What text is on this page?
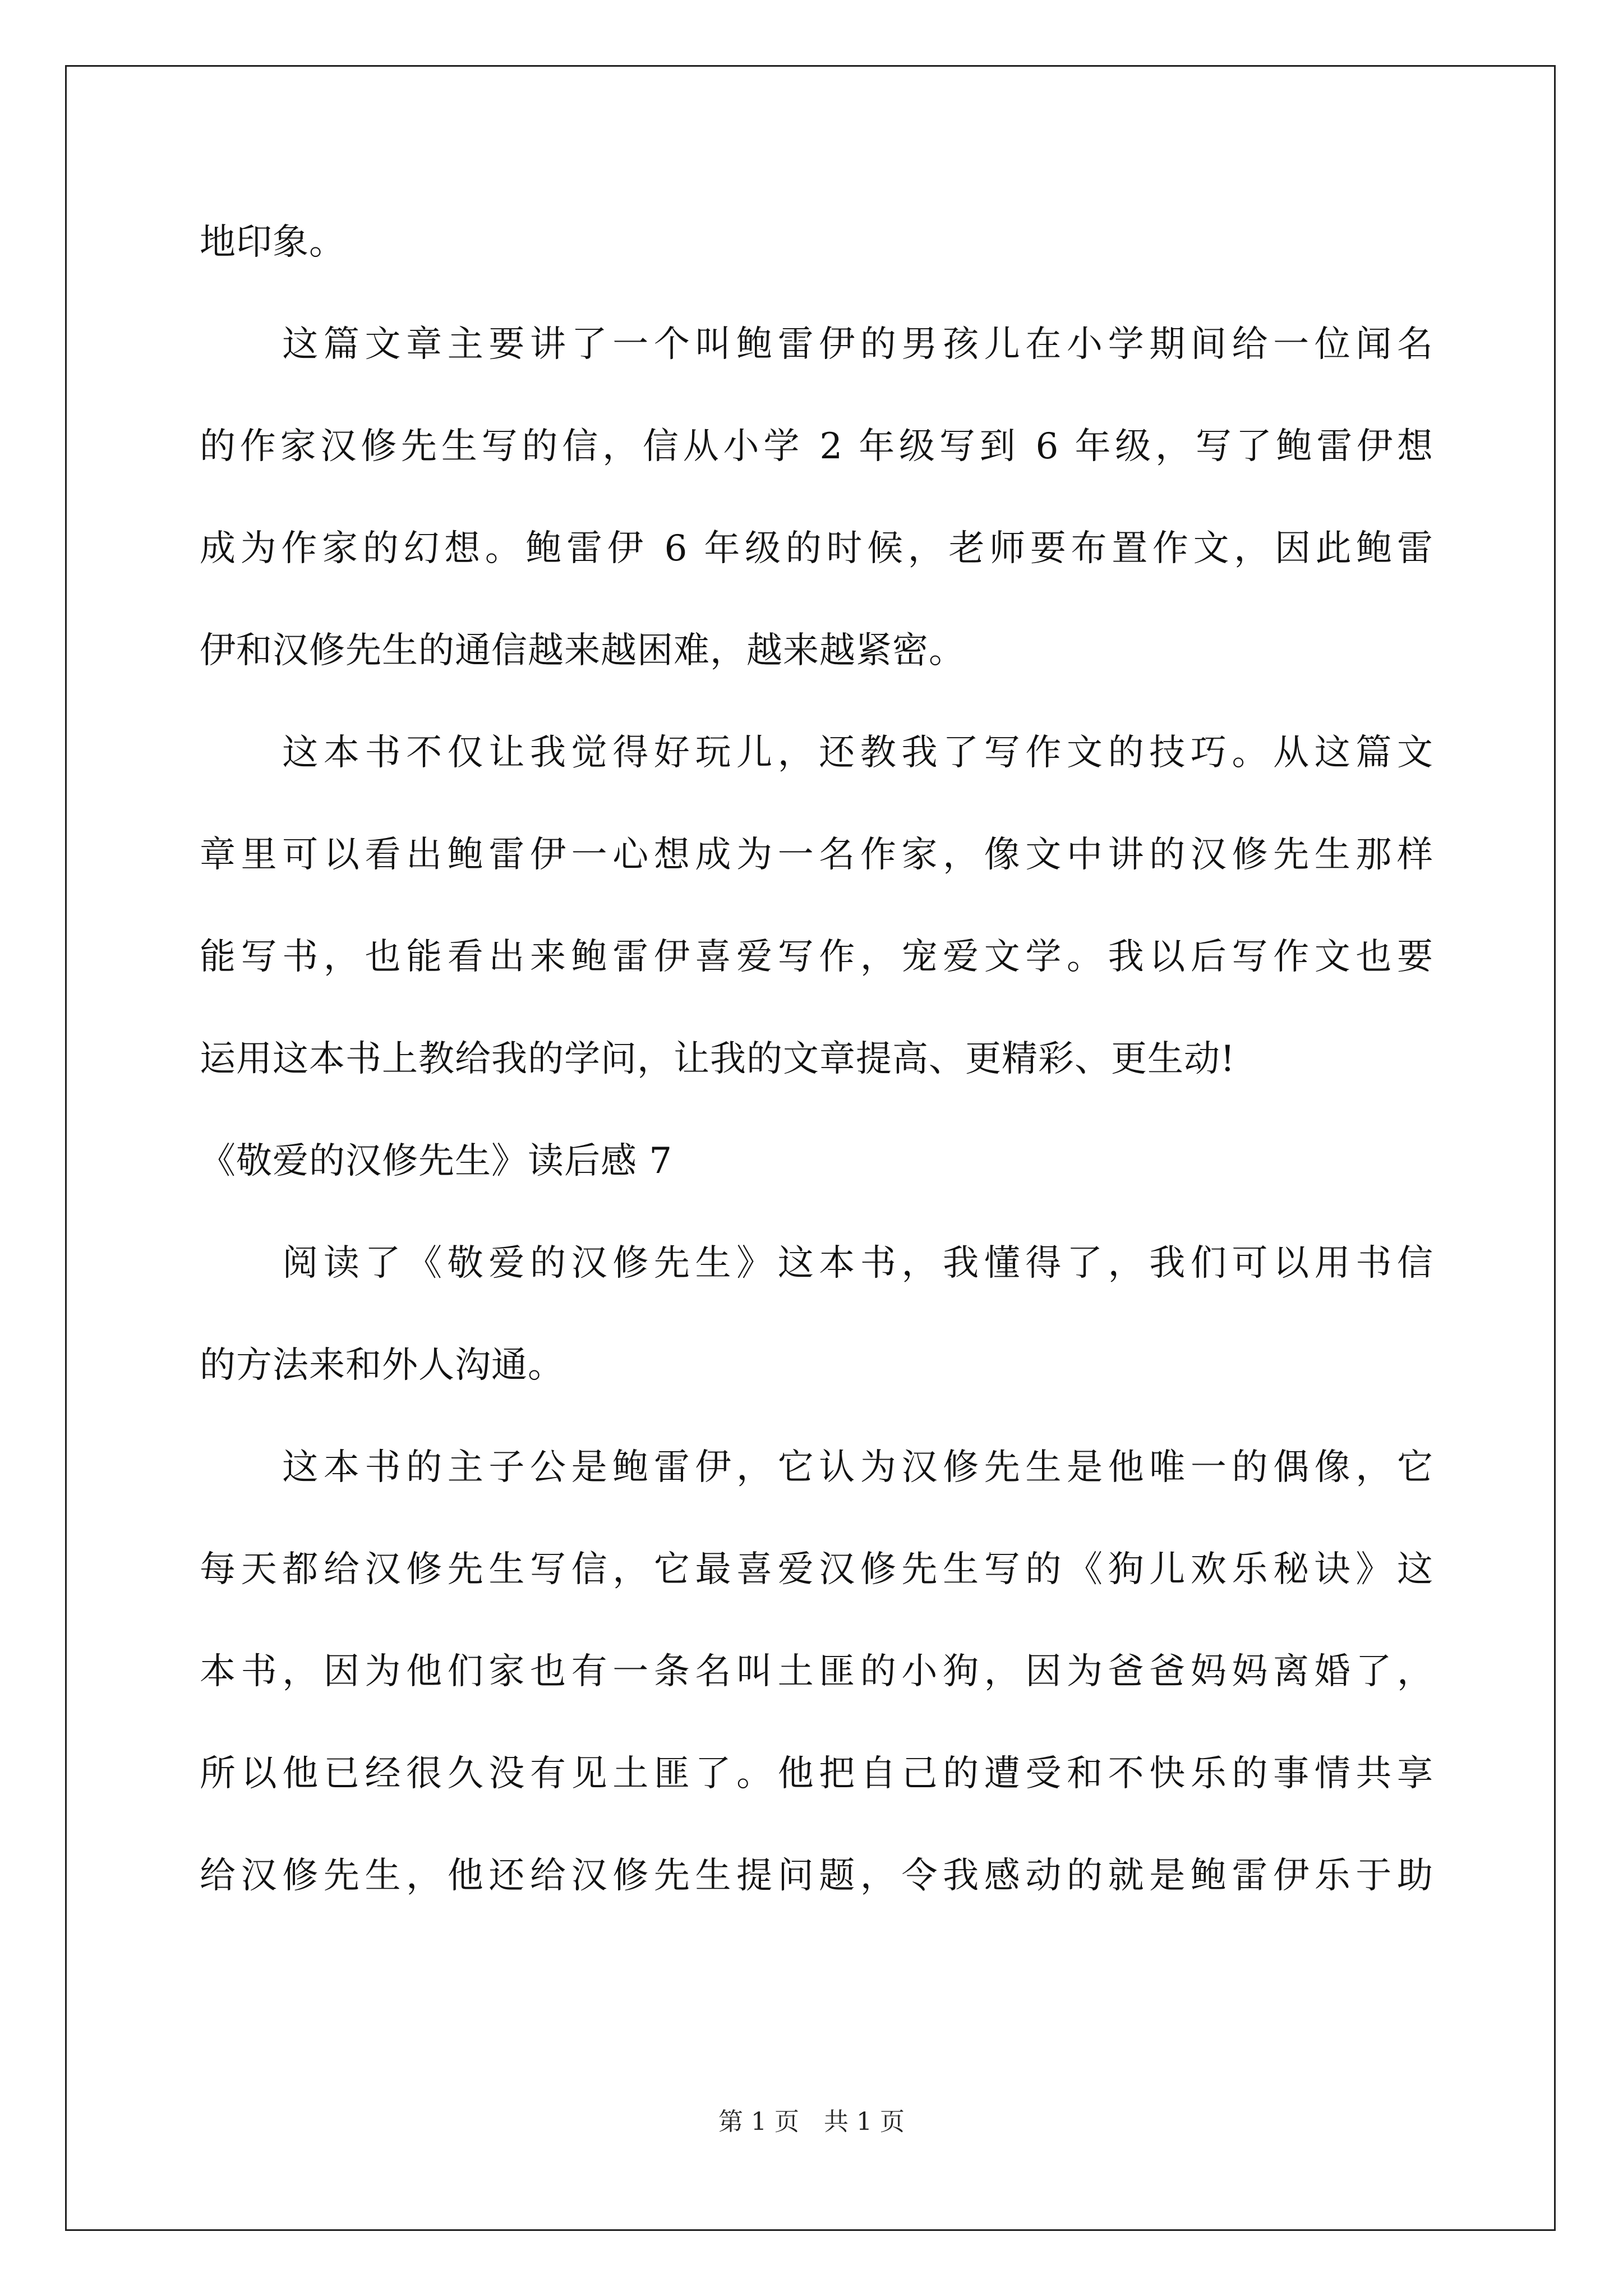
地印象。
　　这篇文章主要讲了一个叫鲍雷伊的男孩儿在小学期间给一位闻名
的作家汉修先生写的信，信从小学 2 年级写到 6 年级，写了鲍雷伊想
成为作家的幻想。鲍雷伊 6 年级的时候，老师要布置作文，因此鲍雷
伊和汉修先生的通信越来越困难，越来越紧密。
　　这本书不仅让我觉得好玩儿，还教我了写作文的技巧。从这篇文
章里可以看出鲍雷伊一心想成为一名作家，像文中讲的汉修先生那样
能写书，也能看出来鲍雷伊喜爱写作，宠爱文学。我以后写作文也要
运用这本书上教给我的学问，让我的文章提高、更精彩、更生动!
《敬爱的汉修先生》读后感 7
　　阅读了《敬爱的汉修先生》这本书，我懂得了，我们可以用书信
的方法来和外人沟通。
　　这本书的主子公是鲍雷伊，它认为汉修先生是他唯一的偶像，它
每天都给汉修先生写信，它最喜爱汉修先生写的《狗儿欢乐秘诀》这
本书，因为他们家也有一条名叫土匪的小狗，因为爸爸妈妈离婚了，
所以他已经很久没有见土匪了。他把自己的遭受和不快乐的事情共享
给汉修先生，他还给汉修先生提问题，令我感动的就是鲍雷伊乐于助
第 1 页　共 1 页
